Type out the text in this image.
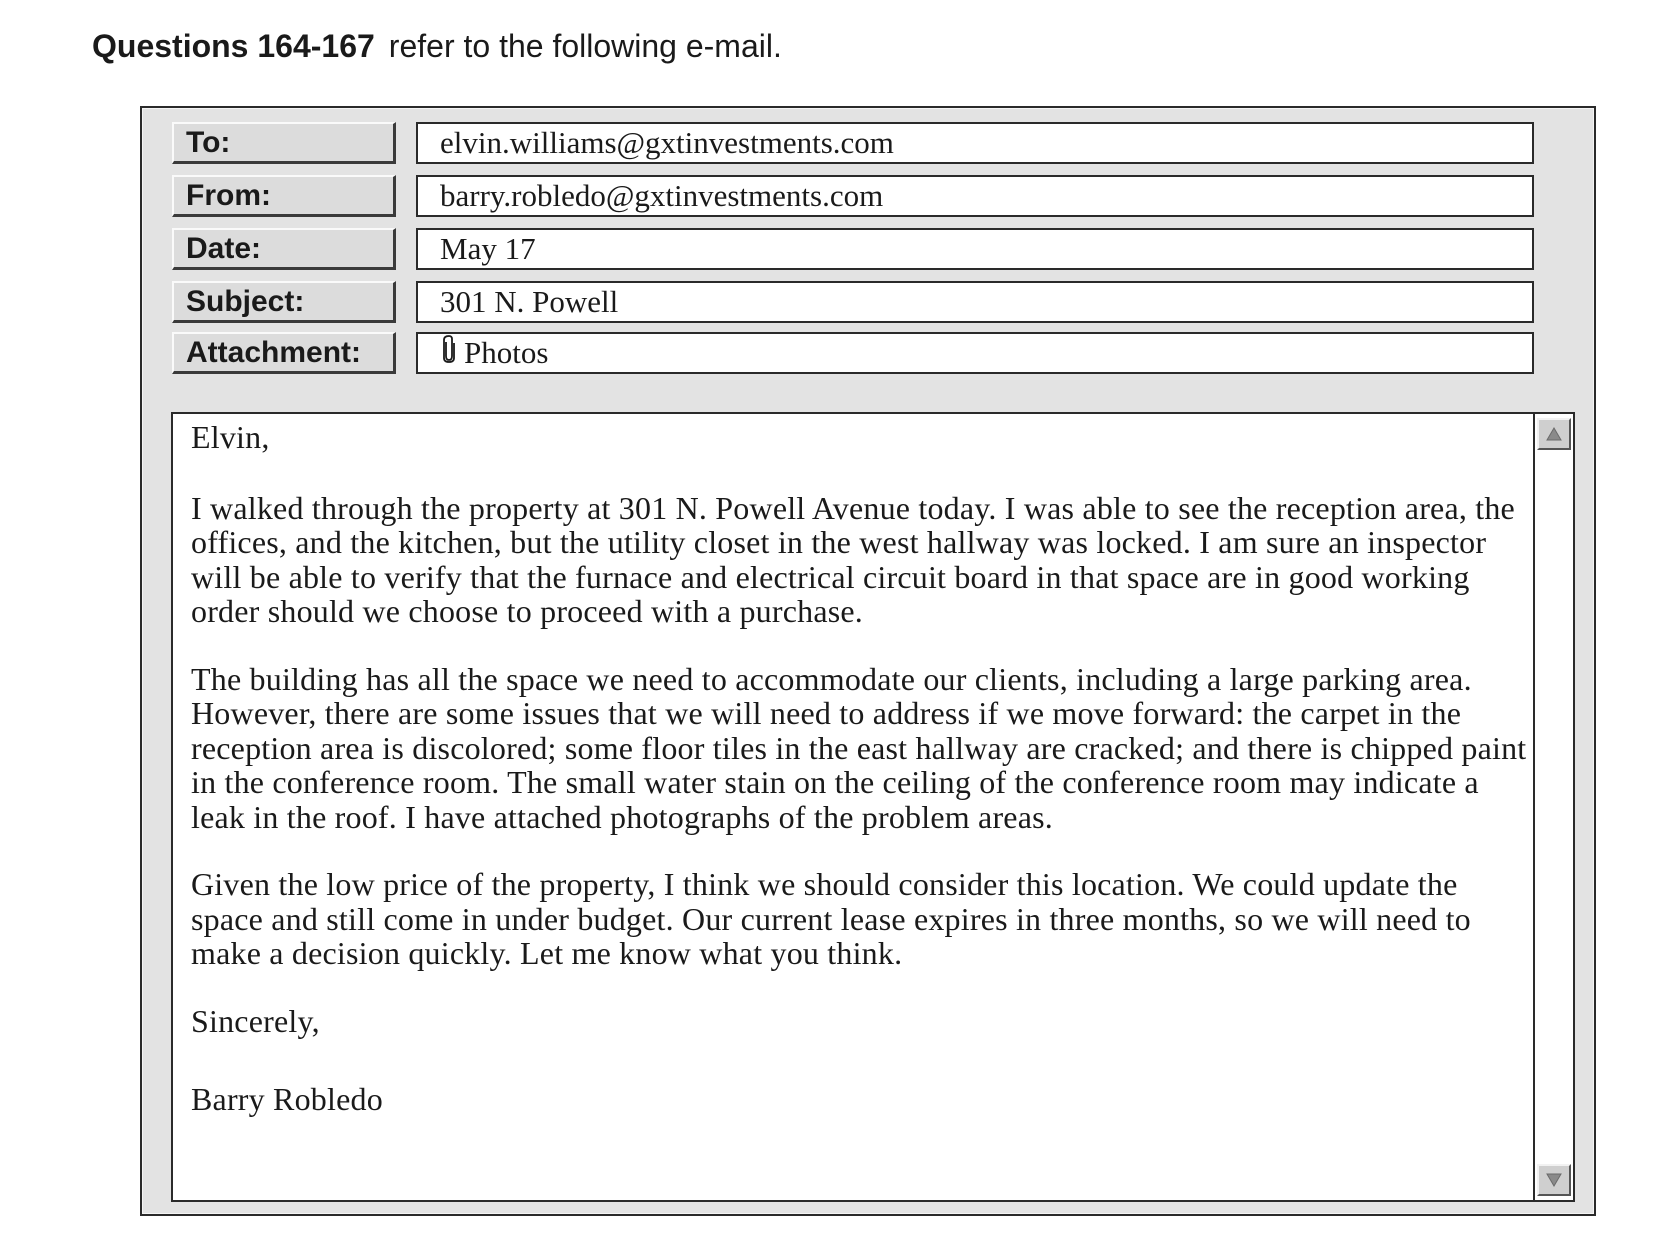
Questions 164-167 refer to the following e-mail.
To:	elvin.williams@gxtinvestments.com
From:	barry.robledo@gxtinvestments.com
Date:	May 17
Subject:	301 N. Powell
Attachment:	Photos

Elvin,

I walked through the property at 301 N. Powell Avenue today. I was able to see the reception area, the offices, and the kitchen, but the utility closet in the west hallway was locked. I am sure an inspector will be able to verify that the furnace and electrical circuit board in that space are in good working order should we choose to proceed with a purchase.

The building has all the space we need to accommodate our clients, including a large parking area. However, there are some issues that we will need to address if we move forward: the carpet in the reception area is discolored; some floor tiles in the east hallway are cracked; and there is chipped paint in the conference room. The small water stain on the ceiling of the conference room may indicate a leak in the roof. I have attached photographs of the problem areas.

Given the low price of the property, I think we should consider this location. We could update the space and still come in under budget. Our current lease expires in three months, so we will need to make a decision quickly. Let me know what you think.

Sincerely,

Barry Robledo
